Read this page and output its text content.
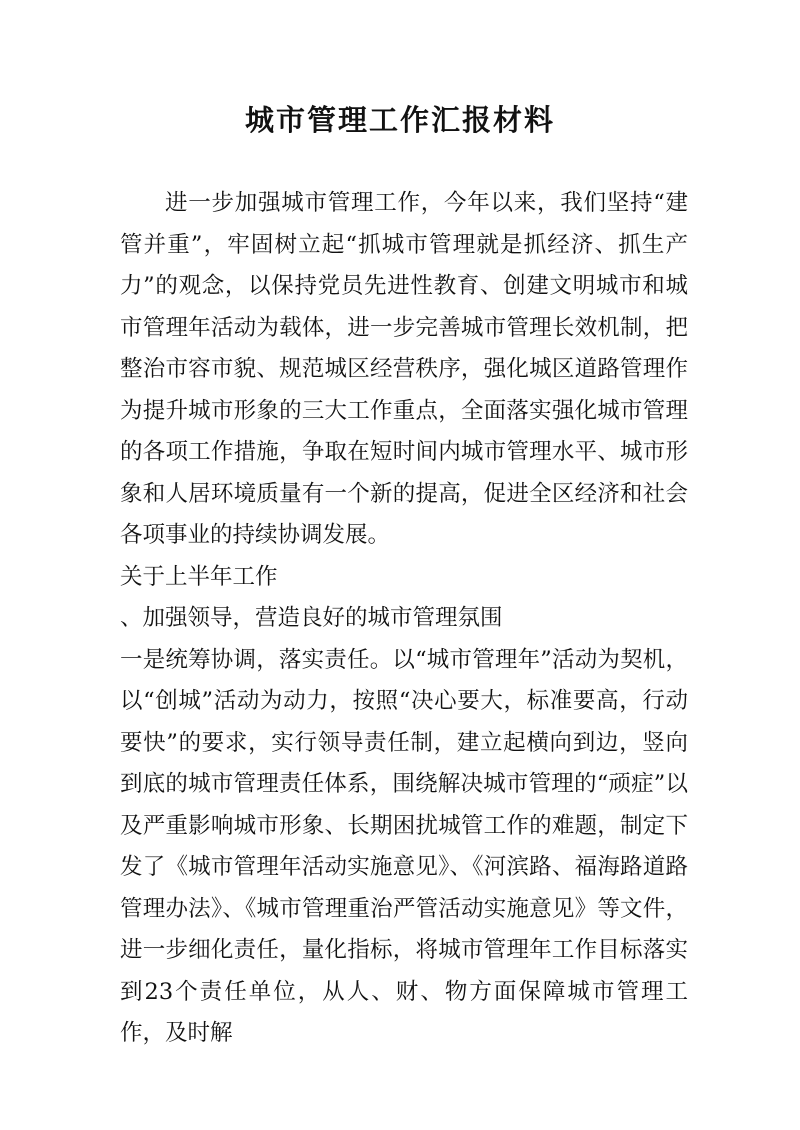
城市管理工作汇报材料

进一步加强城市管理工作，今年以来，我们坚持“建管并重”，牢固树立起“抓城市管理就是抓经济、抓生产力”的观念，以保持党员先进性教育、创建文明城市和城市管理年活动为载体，进一步完善城市管理长效机制，把整治市容市貌、规范城区经营秩序，强化城区道路管理作为提升城市形象的三大工作重点，全面落实强化城市管理的各项工作措施，争取在短时间内城市管理水平、城市形象和人居环境质量有一个新的提高，促进全区经济和社会各项事业的持续协调发展。

关于上半年工作

、加强领导，营造良好的城市管理氛围

一是统筹协调，落实责任。以“城市管理年”活动为契机，以“创城”活动为动力，按照“决心要大，标准要高，行动要快”的要求，实行领导责任制，建立起横向到边，竖向到底的城市管理责任体系，围绕解决城市管理的“顽症”以及严重影响城市形象、长期困扰城管工作的难题，制定下发了《城市管理年活动实施意见》、《河滨路、福海路道路管理办法》、《城市管理重治严管活动实施意见》等文件，进一步细化责任，量化指标，将城市管理年工作目标落实到23个责任单位，从人、财、物方面保障城市管理工作，及时解
